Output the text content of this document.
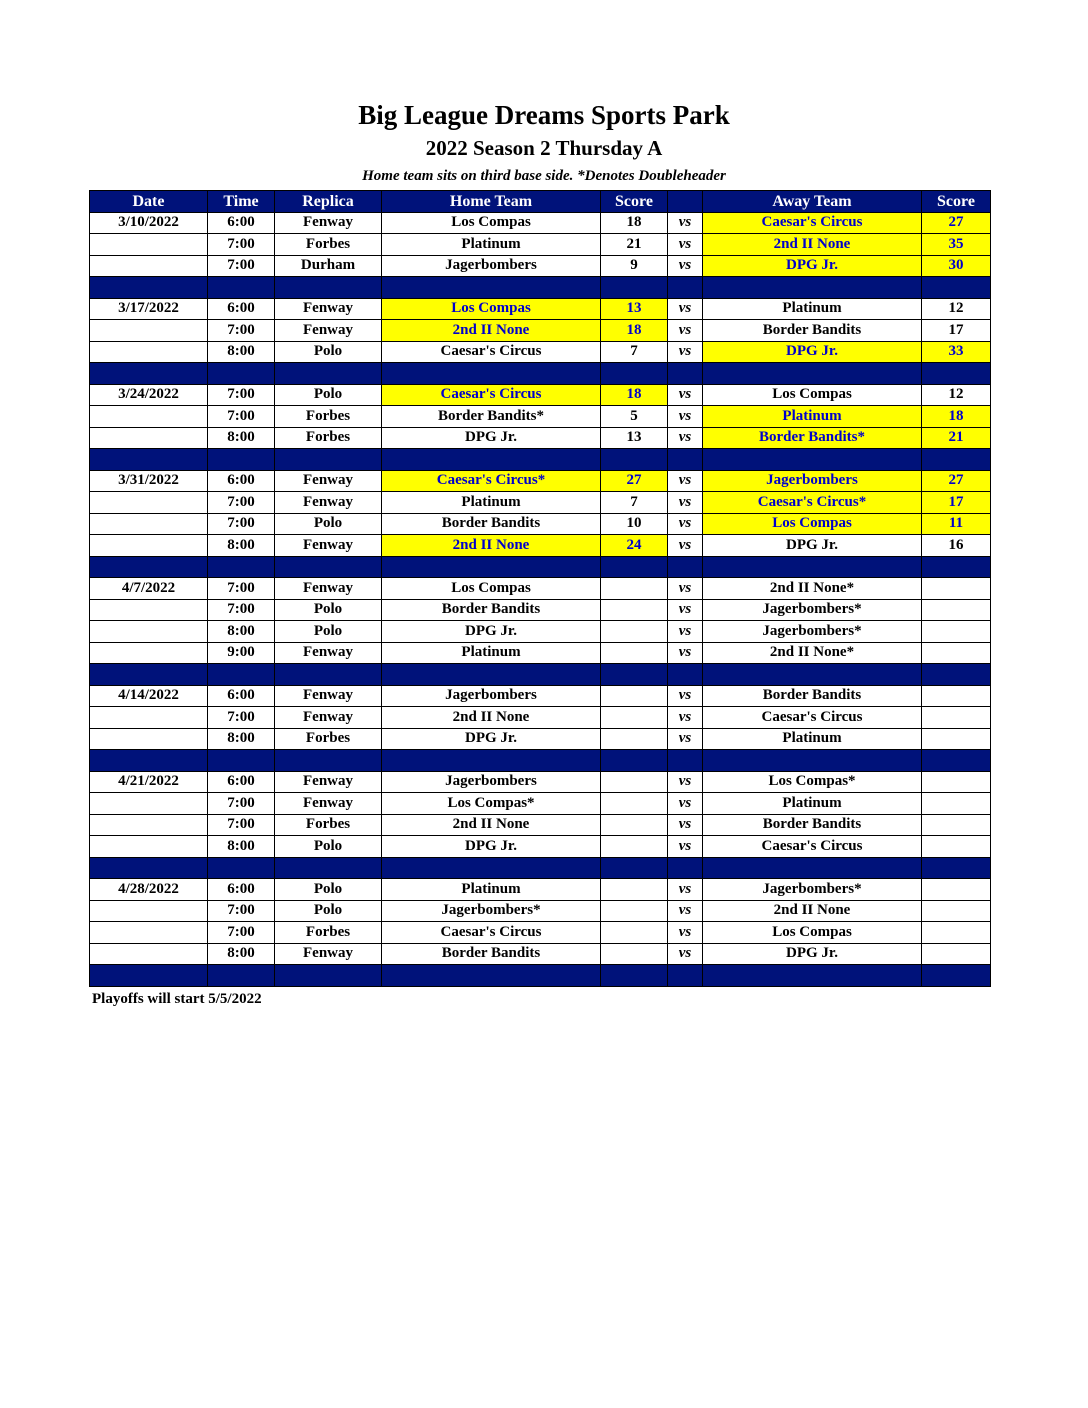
Big League Dreams Sports Park
2022 Season 2 Thursday A
Home team sits on third base side. *Denotes Doubleheader
Date	Time	Replica	Home Team	Score		Away Team	Score
3/10/2022	6:00	Fenway	Los Compas	18	vs	Caesar's Circus	27
	7:00	Forbes	Platinum	21	vs	2nd II None	35
	7:00	Durham	Jagerbombers	9	vs	DPG Jr.	30

3/17/2022	6:00	Fenway	Los Compas	13	vs	Platinum	12
	7:00	Fenway	2nd II None	18	vs	Border Bandits	17
	8:00	Polo	Caesar's Circus	7	vs	DPG Jr.	33

3/24/2022	7:00	Polo	Caesar's Circus	18	vs	Los Compas	12
	7:00	Forbes	Border Bandits*	5	vs	Platinum	18
	8:00	Forbes	DPG Jr.	13	vs	Border Bandits*	21

3/31/2022	6:00	Fenway	Caesar's Circus*	27	vs	Jagerbombers	27
	7:00	Fenway	Platinum	7	vs	Caesar's Circus*	17
	7:00	Polo	Border Bandits	10	vs	Los Compas	11
	8:00	Fenway	2nd II None	24	vs	DPG Jr.	16

4/7/2022	7:00	Fenway	Los Compas		vs	2nd II None*	
	7:00	Polo	Border Bandits		vs	Jagerbombers*	
	8:00	Polo	DPG Jr.		vs	Jagerbombers*	
	9:00	Fenway	Platinum		vs	2nd II None*	

4/14/2022	6:00	Fenway	Jagerbombers		vs	Border Bandits	
	7:00	Fenway	2nd II None		vs	Caesar's Circus	
	8:00	Forbes	DPG Jr.		vs	Platinum	

4/21/2022	6:00	Fenway	Jagerbombers		vs	Los Compas*	
	7:00	Fenway	Los Compas*		vs	Platinum	
	7:00	Forbes	2nd II None		vs	Border Bandits	
	8:00	Polo	DPG Jr.		vs	Caesar's Circus	

4/28/2022	6:00	Polo	Platinum		vs	Jagerbombers*	
	7:00	Polo	Jagerbombers*		vs	2nd II None	
	7:00	Forbes	Caesar's Circus		vs	Los Compas	
	8:00	Fenway	Border Bandits		vs	DPG Jr.	

Playoffs will start 5/5/2022
